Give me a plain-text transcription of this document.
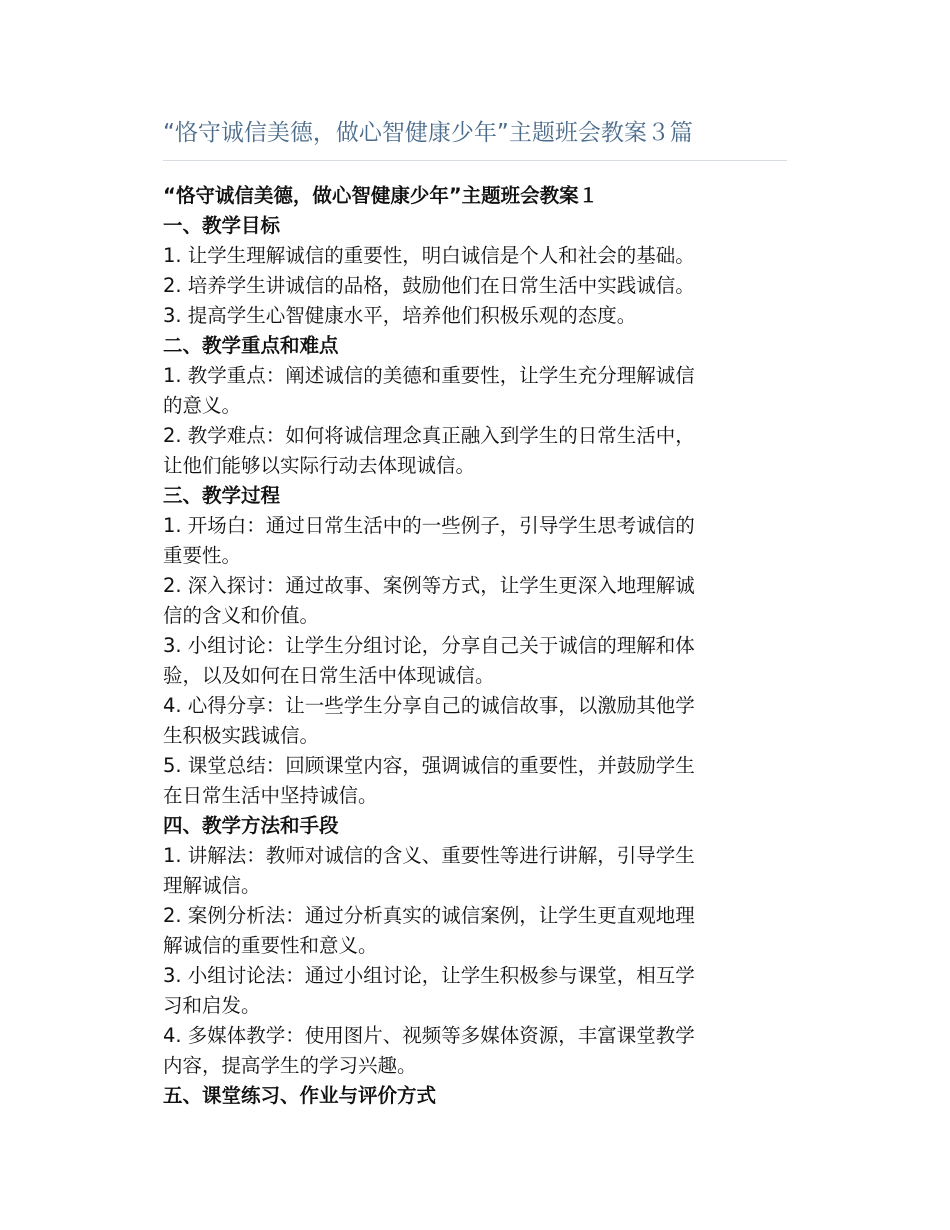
“恪守诚信美德，做心智健康少年”主题班会教案３篇
“恪守诚信美德，做心智健康少年”主题班会教案１
一、教学目标
1. 让学生理解诚信的重要性，明白诚信是个人和社会的基础。
2. 培养学生讲诚信的品格，鼓励他们在日常生活中实践诚信。
3. 提高学生心智健康水平，培养他们积极乐观的态度。
二、教学重点和难点
1. 教学重点：阐述诚信的美德和重要性，让学生充分理解诚信
的意义。
2. 教学难点：如何将诚信理念真正融入到学生的日常生活中，
让他们能够以实际行动去体现诚信。
三、教学过程
1. 开场白：通过日常生活中的一些例子，引导学生思考诚信的
重要性。
2. 深入探讨：通过故事、案例等方式，让学生更深入地理解诚
信的含义和价值。
3. 小组讨论：让学生分组讨论，分享自己关于诚信的理解和体
验，以及如何在日常生活中体现诚信。
4. 心得分享：让一些学生分享自己的诚信故事，以激励其他学
生积极实践诚信。
5. 课堂总结：回顾课堂内容，强调诚信的重要性，并鼓励学生
在日常生活中坚持诚信。
四、教学方法和手段
1. 讲解法：教师对诚信的含义、重要性等进行讲解，引导学生
理解诚信。
2. 案例分析法：通过分析真实的诚信案例，让学生更直观地理
解诚信的重要性和意义。
3. 小组讨论法：通过小组讨论，让学生积极参与课堂，相互学
习和启发。
4. 多媒体教学：使用图片、视频等多媒体资源，丰富课堂教学
内容，提高学生的学习兴趣。
五、课堂练习、作业与评价方式
